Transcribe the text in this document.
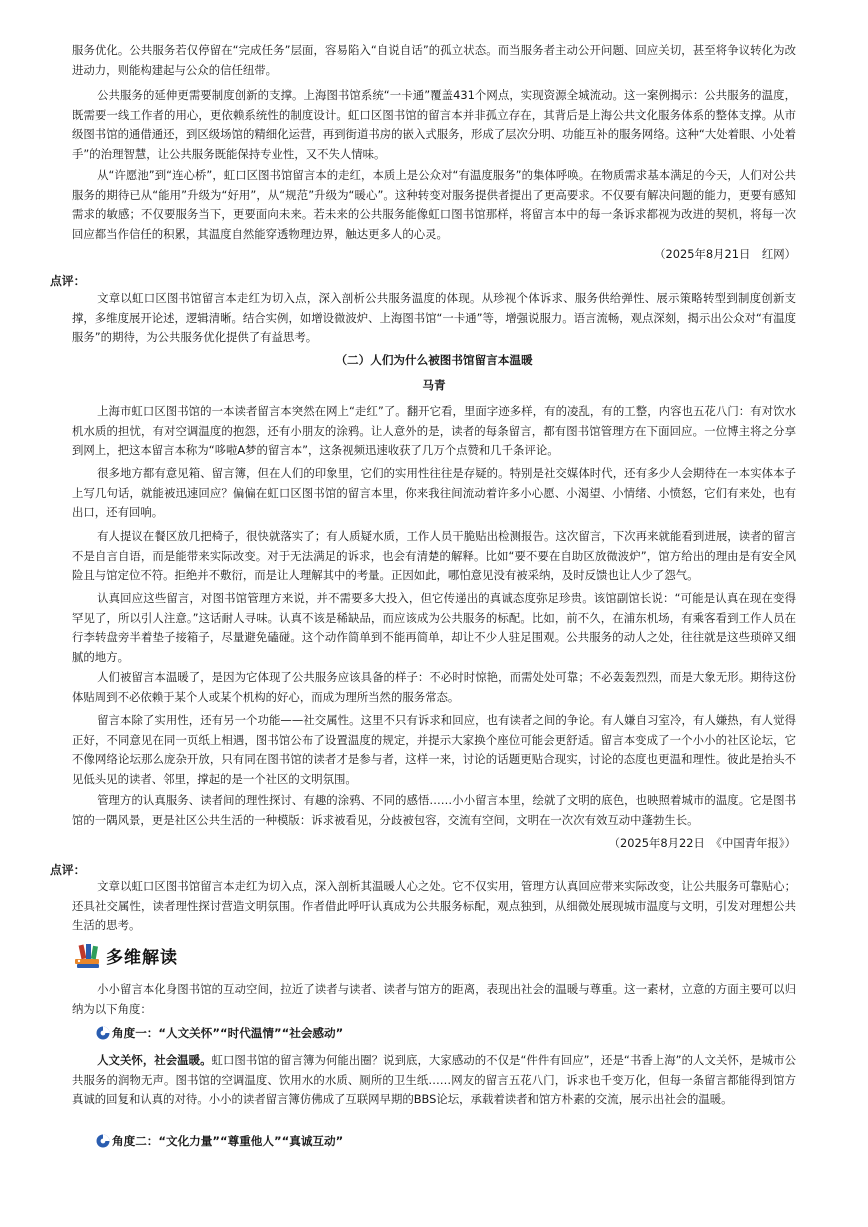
服务优化。公共服务若仅停留在“完成任务”层面，容易陷入“自说自话”的孤立状态。而当服务者主动公开问题、回应关切，甚至将争议转化为改进动力，则能构建起与公众的信任纽带。

公共服务的延伸更需要制度创新的支撑。上海图书馆系统“一卡通”覆盖431个网点，实现资源全城流动。这一案例揭示：公共服务的温度，既需要一线工作者的用心，更依赖系统性的制度设计。虹口区图书馆的留言本并非孤立存在，其背后是上海公共文化服务体系的整体支撑。从市级图书馆的通借通还，到区级场馆的精细化运营，再到街道书房的嵌入式服务，形成了层次分明、功能互补的服务网络。这种“大处着眼、小处着手”的治理智慧，让公共服务既能保持专业性，又不失人情味。

从“许愿池”到“连心桥”，虹口区图书馆留言本的走红，本质上是公众对“有温度服务”的集体呼唤。在物质需求基本满足的今天，人们对公共服务的期待已从“能用”升级为“好用”，从“规范”升级为“暖心”。这种转变对服务提供者提出了更高要求。不仅要有解决问题的能力，更要有感知需求的敏感；不仅要服务当下，更要面向未来。若未来的公共服务能像虹口图书馆那样，将留言本中的每一条诉求都视为改进的契机，将每一次回应都当作信任的积累，其温度自然能穿透物理边界，触达更多人的心灵。

（2025年8月21日　红网）
点评：

文章以虹口区图书馆留言本走红为切入点，深入剖析公共服务温度的体现。从珍视个体诉求、服务供给弹性、展示策略转型到制度创新支撑，多维度展开论述，逻辑清晰。结合实例，如增设微波炉、上海图书馆“一卡通”等，增强说服力。语言流畅，观点深刻，揭示出公众对“有温度服务”的期待，为公共服务优化提供了有益思考。

（二）人们为什么被图书馆留言本温暖
马青

上海市虹口区图书馆的一本读者留言本突然在网上“走红”了。翻开它看，里面字迹多样，有的凌乱，有的工整，内容也五花八门：有对饮水机水质的担忧，有对空调温度的抱怨，还有小朋友的涂鸦。让人意外的是，读者的每条留言，都有图书馆管理方在下面回应。一位博主将之分享到网上，把这本留言本称为“哆啦A梦的留言本”，这条视频迅速收获了几万个点赞和几千条评论。

很多地方都有意见箱、留言簿，但在人们的印象里，它们的实用性往往是存疑的。特别是社交媒体时代，还有多少人会期待在一本实体本子上写几句话，就能被迅速回应？偏偏在虹口区图书馆的留言本里，你来我往间流动着许多小心愿、小渴望、小情绪、小愤怒，它们有来处，也有出口，还有回响。

有人提议在餐区放几把椅子，很快就落实了；有人质疑水质，工作人员干脆贴出检测报告。这次留言，下次再来就能看到进展，读者的留言不是自言自语，而是能带来实际改变。对于无法满足的诉求，也会有清楚的解释。比如“要不要在自助区放微波炉”，馆方给出的理由是有安全风险且与馆定位不符。拒绝并不敷衍，而是让人理解其中的考量。正因如此，哪怕意见没有被采纳，及时反馈也让人少了怨气。

认真回应这些留言，对图书馆管理方来说，并不需要多大投入，但它传递出的真诚态度弥足珍贵。该馆副馆长说：“可能是认真在现在变得罕见了，所以引人注意。”这话耐人寻味。认真不该是稀缺品，而应该成为公共服务的标配。比如，前不久，在浦东机场，有乘客看到工作人员在行李转盘旁半着垫子接箱子，尽量避免磕碰。这个动作简单到不能再简单，却让不少人驻足围观。公共服务的动人之处，往往就是这些琐碎又细腻的地方。

人们被留言本温暖了，是因为它体现了公共服务应该具备的样子：不必时时惊艳，而需处处可靠；不必轰轰烈烈，而是大象无形。期待这份体贴周到不必依赖于某个人或某个机构的好心，而成为理所当然的服务常态。

留言本除了实用性，还有另一个功能——社交属性。这里不只有诉求和回应，也有读者之间的争论。有人嫌自习室冷，有人嫌热，有人觉得正好，不同意见在同一页纸上相遇，图书馆公布了设置温度的规定，并提示大家换个座位可能会更舒适。留言本变成了一个小小的社区论坛，它不像网络论坛那么庞杂开放，只有同在图书馆的读者才是参与者，这样一来，讨论的话题更贴合现实，讨论的态度也更温和理性。彼此是抬头不见低头见的读者、邻里，撑起的是一个社区的文明氛围。

管理方的认真服务、读者间的理性探讨、有趣的涂鸦、不同的感悟……小小留言本里，绘就了文明的底色，也映照着城市的温度。它是图书馆的一隅风景，更是社区公共生活的一种模版：诉求被看见，分歧被包容，交流有空间，文明在一次次有效互动中蓬勃生长。

（2025年8月22日　《中国青年报》）
点评：

文章以虹口区图书馆留言本走红为切入点，深入剖析其温暖人心之处。它不仅实用，管理方认真回应带来实际改变，让公共服务可靠贴心；还具社交属性，读者理性探讨营造文明氛围。作者借此呼吁认真成为公共服务标配，观点独到，从细微处展现城市温度与文明，引发对理想公共生活的思考。

多维解读

小小留言本化身图书馆的互动空间，拉近了读者与读者、读者与馆方的距离，表现出社会的温暖与尊重。这一素材，立意的方面主要可以归纳为以下角度：

角度一：“人文关怀”“时代温情”“社会感动”

人文关怀，社会温暖。虹口图书馆的留言簿为何能出圈？说到底，大家感动的不仅是“件件有回应”，还是“书香上海”的人文关怀，是城市公共服务的润物无声。图书馆的空调温度、饮用水的水质、厕所的卫生纸……网友的留言五花八门，诉求也千变万化，但每一条留言都能得到馆方真诚的回复和认真的对待。小小的读者留言簿仿佛成了互联网早期的BBS论坛，承载着读者和馆方朴素的交流，展示出社会的温暖。

角度二：“文化力量”“尊重他人”“真诚互动”
